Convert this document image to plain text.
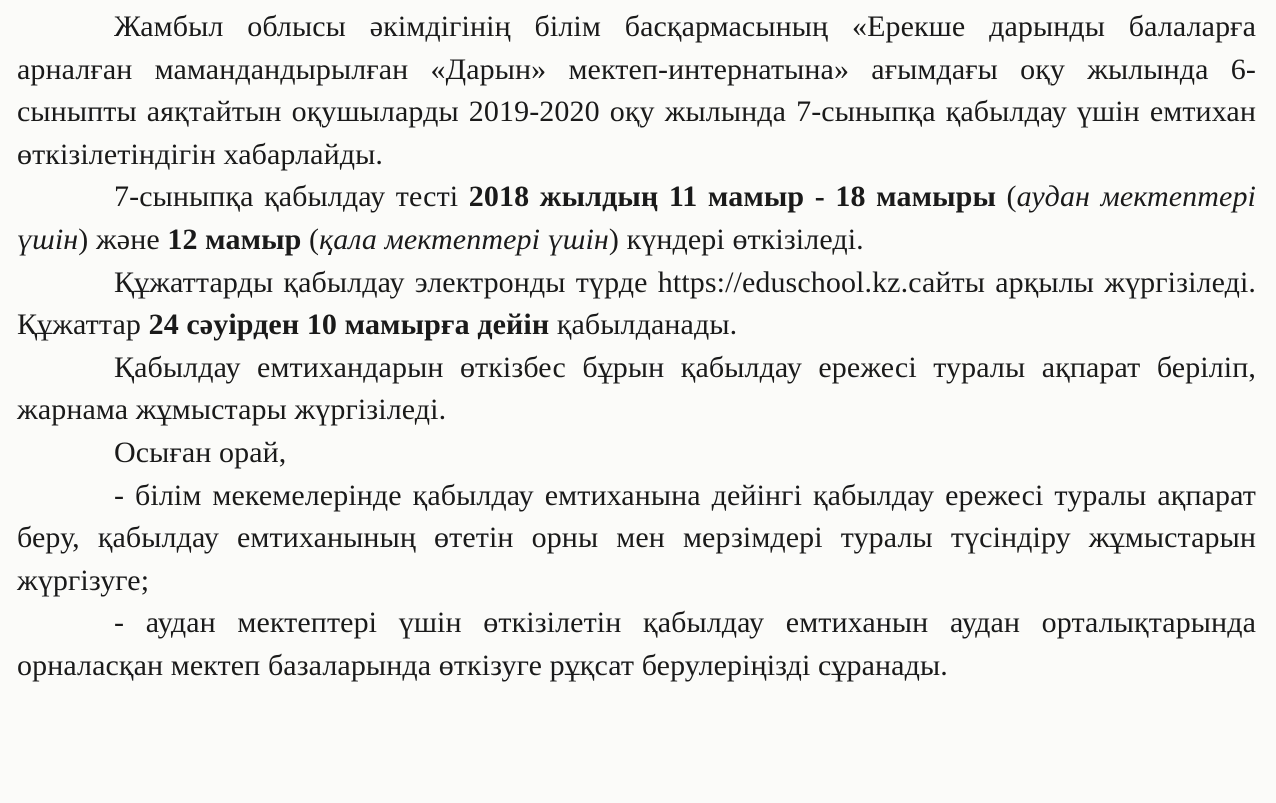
Жамбыл облысы әкімдігінің білім басқармасының «Ерекше дарынды балаларға арналған мамандандырылған «Дарын» мектеп-интернатына» ағымдағы оқу жылында 6-сыныпты аяқтайтын оқушыларды 2019-2020 оқу жылында 7-сыныпқа қабылдау үшін емтихан өткізілетіндігін хабарлайды.

7-сыныпқа қабылдау тесті 2018 жылдың 11 мамыр - 18 мамыры (аудан мектептері үшін) және 12 мамыр (қала мектептері үшін) күндері өткізіледі.

Құжаттарды қабылдау электронды түрде https://eduschool.kz.сайты арқылы жүргізіледі. Құжаттар 24 сәуірден 10 мамырға дейін қабылданады.

Қабылдау емтихандарын өткізбес бұрын қабылдау ережесі туралы ақпарат беріліп, жарнама жұмыстары жүргізіледі.

Осыған орай,

- білім мекемелерінде қабылдау емтиханына дейінгі қабылдау ережесі туралы ақпарат беру, қабылдау емтиханының өтетін орны мен мерзімдері туралы түсіндіру жұмыстарын жүргізуге;

- аудан мектептері үшін өткізілетін қабылдау емтиханын аудан орталықтарында орналасқан мектеп базаларында өткізуге рұқсат берулеріңізді сұранады.
